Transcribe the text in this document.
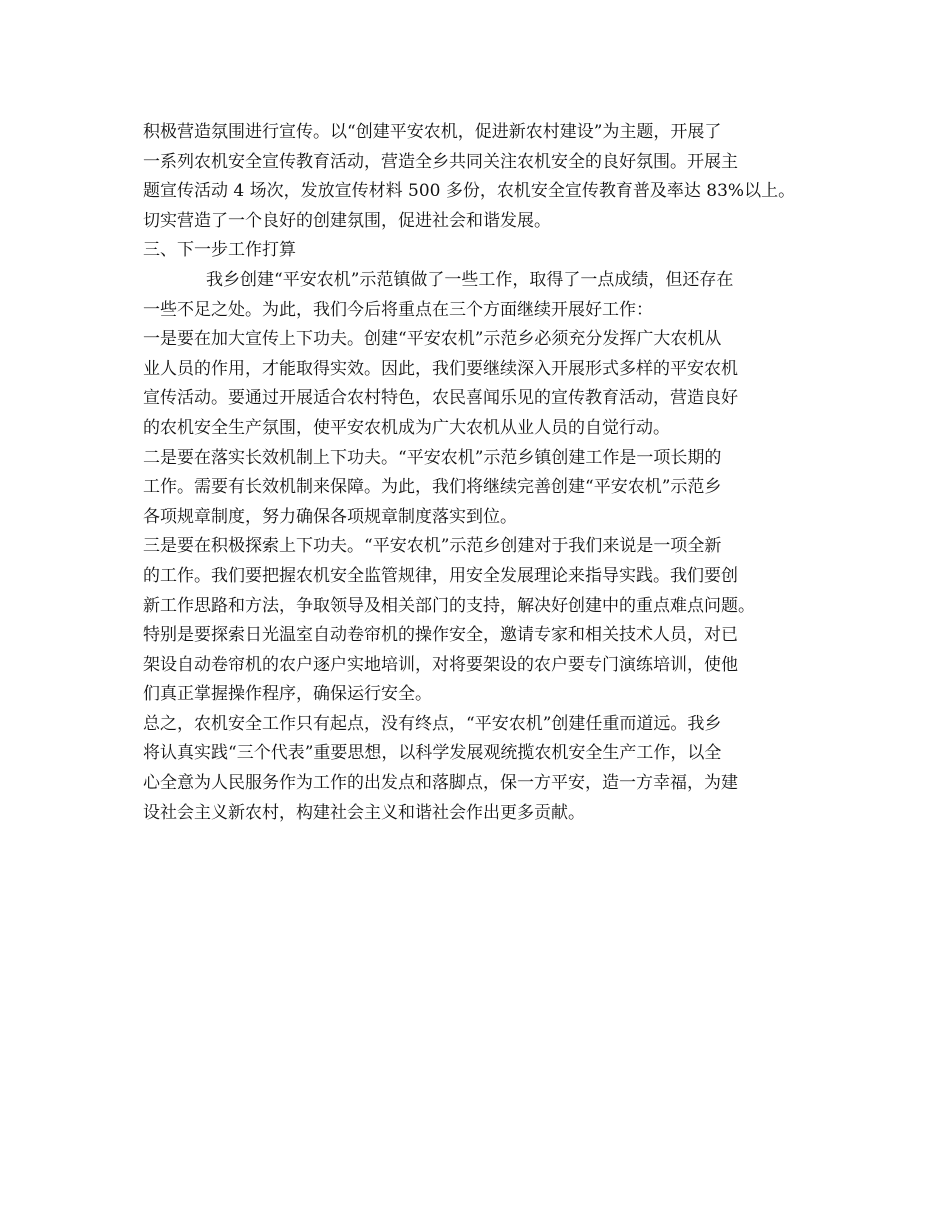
积极营造氛围进行宣传。以“创建平安农机，促进新农村建设”为主题，开展了
一系列农机安全宣传教育活动，营造全乡共同关注农机安全的良好氛围。开展主
题宣传活动 4 场次，发放宣传材料 500 多份，农机安全宣传教育普及率达 83%以上。
切实营造了一个良好的创建氛围，促进社会和谐发展。
三、下一步工作打算
我乡创建“平安农机”示范镇做了一些工作，取得了一点成绩，但还存在
一些不足之处。为此，我们今后将重点在三个方面继续开展好工作：
一是要在加大宣传上下功夫。创建“平安农机”示范乡必须充分发挥广大农机从
业人员的作用，才能取得实效。因此，我们要继续深入开展形式多样的平安农机
宣传活动。要通过开展适合农村特色，农民喜闻乐见的宣传教育活动，营造良好
的农机安全生产氛围，使平安农机成为广大农机从业人员的自觉行动。
二是要在落实长效机制上下功夫。“平安农机”示范乡镇创建工作是一项长期的
工作。需要有长效机制来保障。为此，我们将继续完善创建“平安农机”示范乡
各项规章制度，努力确保各项规章制度落实到位。
三是要在积极探索上下功夫。“平安农机”示范乡创建对于我们来说是一项全新
的工作。我们要把握农机安全监管规律，用安全发展理论来指导实践。我们要创
新工作思路和方法，争取领导及相关部门的支持，解决好创建中的重点难点问题。
特别是要探索日光温室自动卷帘机的操作安全，邀请专家和相关技术人员，对已
架设自动卷帘机的农户逐户实地培训，对将要架设的农户要专门演练培训，使他
们真正掌握操作程序，确保运行安全。
总之，农机安全工作只有起点，没有终点，“平安农机”创建任重而道远。我乡
将认真实践“三个代表”重要思想，以科学发展观统揽农机安全生产工作，以全
心全意为人民服务作为工作的出发点和落脚点，保一方平安，造一方幸福，为建
设社会主义新农村，构建社会主义和谐社会作出更多贡献。
